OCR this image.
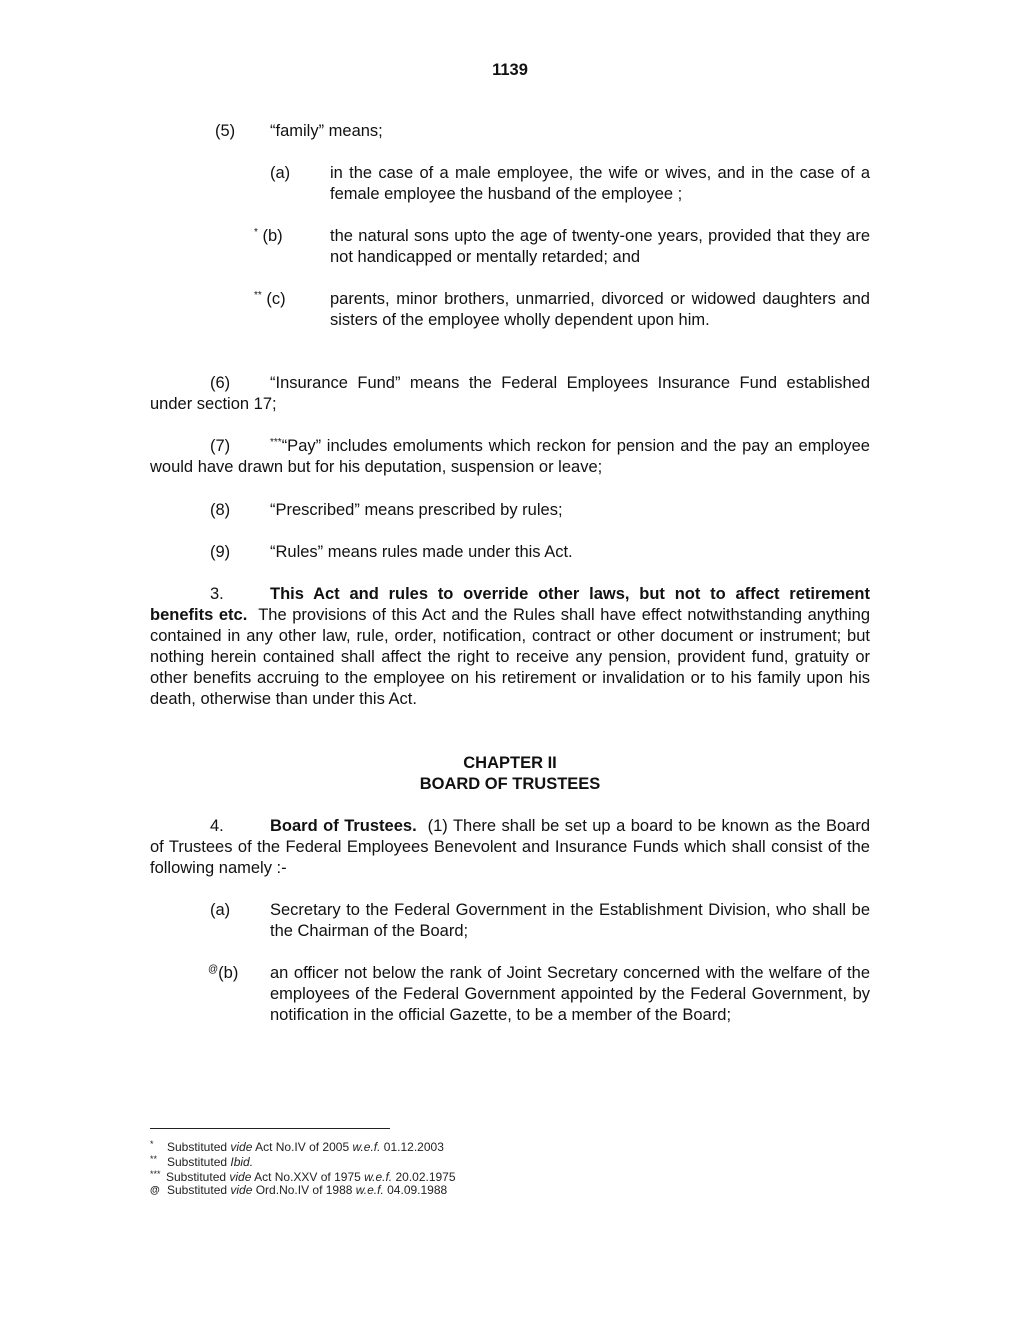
1139
(5) “family” means;
(a) in the case of a male employee, the wife or wives, and in the case of a female employee the husband of the employee ;
* (b)	the natural sons upto the age of twenty-one years, provided that they are not handicapped or mentally retarded; and
** (c)	parents, minor brothers, unmarried, divorced or widowed daughters and sisters of the employee wholly dependent upon him.
(6) “Insurance Fund” means the Federal Employees Insurance Fund established under section 17;
(7)	***“Pay” includes emoluments which reckon for pension and the pay an employee would have drawn but for his deputation, suspension or leave;
(8) “Prescribed” means prescribed by rules;
(9) “Rules” means rules made under this Act.
3.	This Act and rules to override other laws, but not to affect retirement benefits etc. The provisions of this Act and the Rules shall have effect notwithstanding anything contained in any other law, rule, order, notification, contract or other document or instrument; but nothing herein contained shall affect the right to receive any pension, provident fund, gratuity or other benefits accruing to the employee on his retirement or invalidation or to his family upon his death, otherwise than under this Act.
CHAPTER II
BOARD OF TRUSTEES
4.	Board of Trustees. (1) There shall be set up a board to be known as the Board of Trustees of the Federal Employees Benevolent and Insurance Funds which shall consist of the following namely :-
(a) Secretary to the Federal Government in the Establishment Division, who shall be the Chairman of the Board;
@(b) an officer not below the rank of Joint Secretary concerned with the welfare of the employees of the Federal Government appointed by the Federal Government, by notification in the official Gazette, to be a member of the Board;
* Substituted vide Act No.IV of 2005 w.e.f. 01.12.2003
** Substituted Ibid.
*** Substituted vide Act No.XXV of 1975 w.e.f. 20.02.1975
@ Substituted vide Ord.No.IV of 1988 w.e.f. 04.09.1988
